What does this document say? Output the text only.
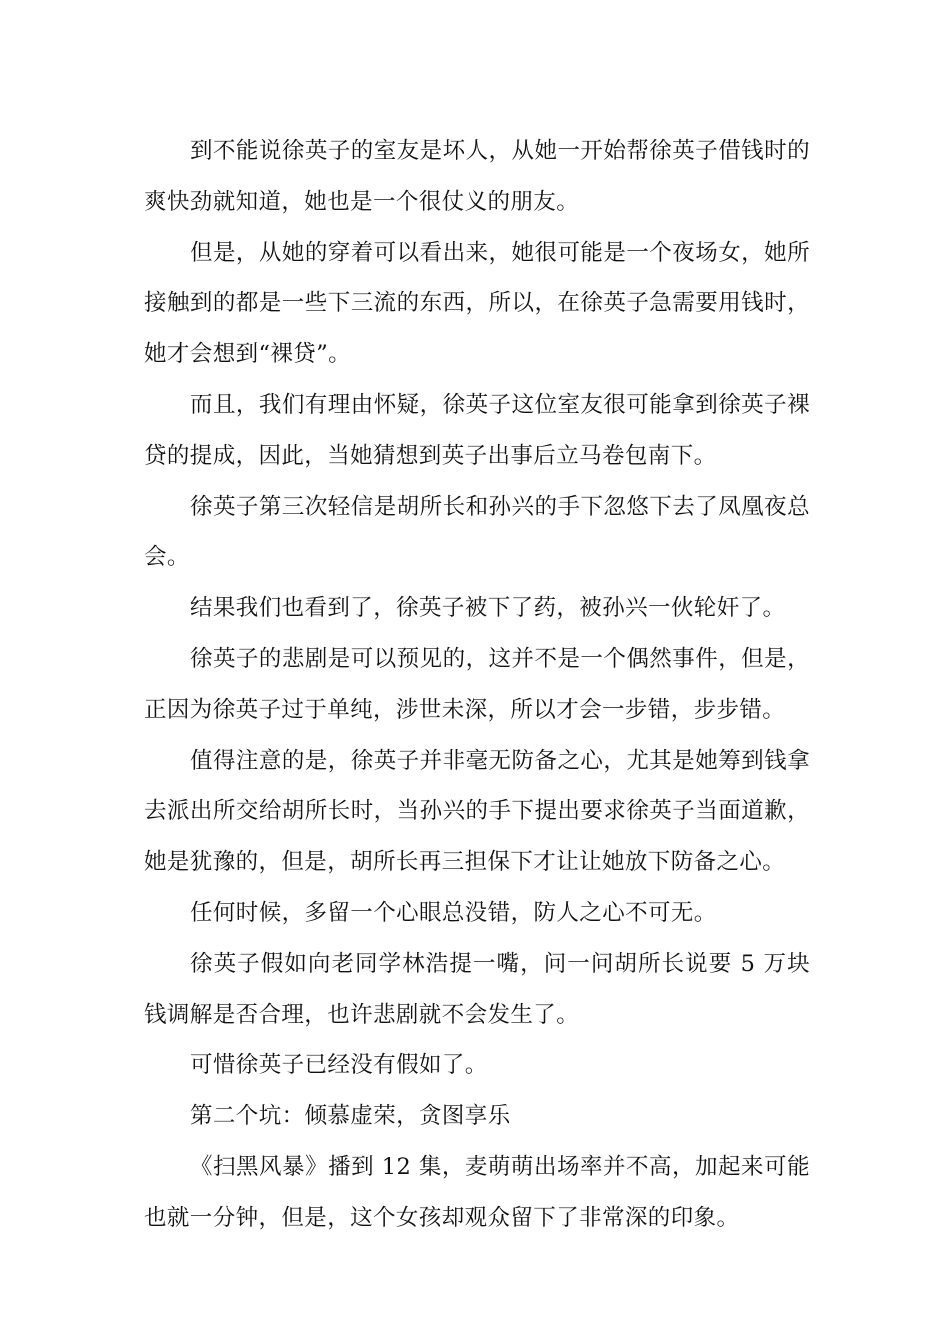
到不能说徐英子的室友是坏人，从她一开始帮徐英子借钱时的爽快劲就知道，她也是一个很仗义的朋友。

但是，从她的穿着可以看出来，她很可能是一个夜场女，她所接触到的都是一些下三流的东西，所以，在徐英子急需要用钱时，她才会想到“裸贷”。

而且，我们有理由怀疑，徐英子这位室友很可能拿到徐英子裸贷的提成，因此，当她猜想到英子出事后立马卷包南下。

徐英子第三次轻信是胡所长和孙兴的手下忽悠下去了凤凰夜总会。

结果我们也看到了，徐英子被下了药，被孙兴一伙轮奸了。

徐英子的悲剧是可以预见的，这并不是一个偶然事件，但是，正因为徐英子过于单纯，涉世未深，所以才会一步错，步步错。

值得注意的是，徐英子并非毫无防备之心，尤其是她筹到钱拿去派出所交给胡所长时，当孙兴的手下提出要求徐英子当面道歉，她是犹豫的，但是，胡所长再三担保下才让让她放下防备之心。

任何时候，多留一个心眼总没错，防人之心不可无。

徐英子假如向老同学林浩提一嘴，问一问胡所长说要 5 万块钱调解是否合理，也许悲剧就不会发生了。

可惜徐英子已经没有假如了。

第二个坑：倾慕虚荣，贪图享乐

《扫黑风暴》播到 12 集，麦萌萌出场率并不高，加起来可能也就一分钟，但是，这个女孩却观众留下了非常深的印象。
